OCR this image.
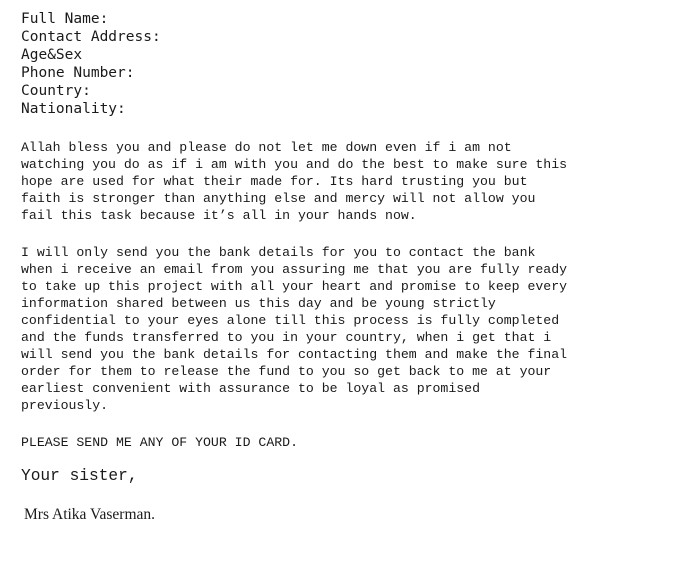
Full Name:
Contact Address:
Age&Sex
Phone Number:
Country:
Nationality:

Allah bless you and please do not let me down even if i am not
watching you do as if i am with you and do the best to make sure this
hope are used for what their made for. Its hard trusting you but
faith is stronger than anything else and mercy will not allow you
fail this task because it’s all in your hands now.

I will only send you the bank details for you to contact the bank
when i receive an email from you assuring me that you are fully ready
to take up this project with all your heart and promise to keep every
information shared between us this day and be young strictly
confidential to your eyes alone till this process is fully completed
and the funds transferred to you in your country, when i get that i
will send you the bank details for contacting them and make the final
order for them to release the fund to you so get back to me at your
earliest convenient with assurance to be loyal as promised
previously.

PLEASE SEND ME ANY OF YOUR ID CARD.

Your sister,
Mrs Atika Vaserman.
